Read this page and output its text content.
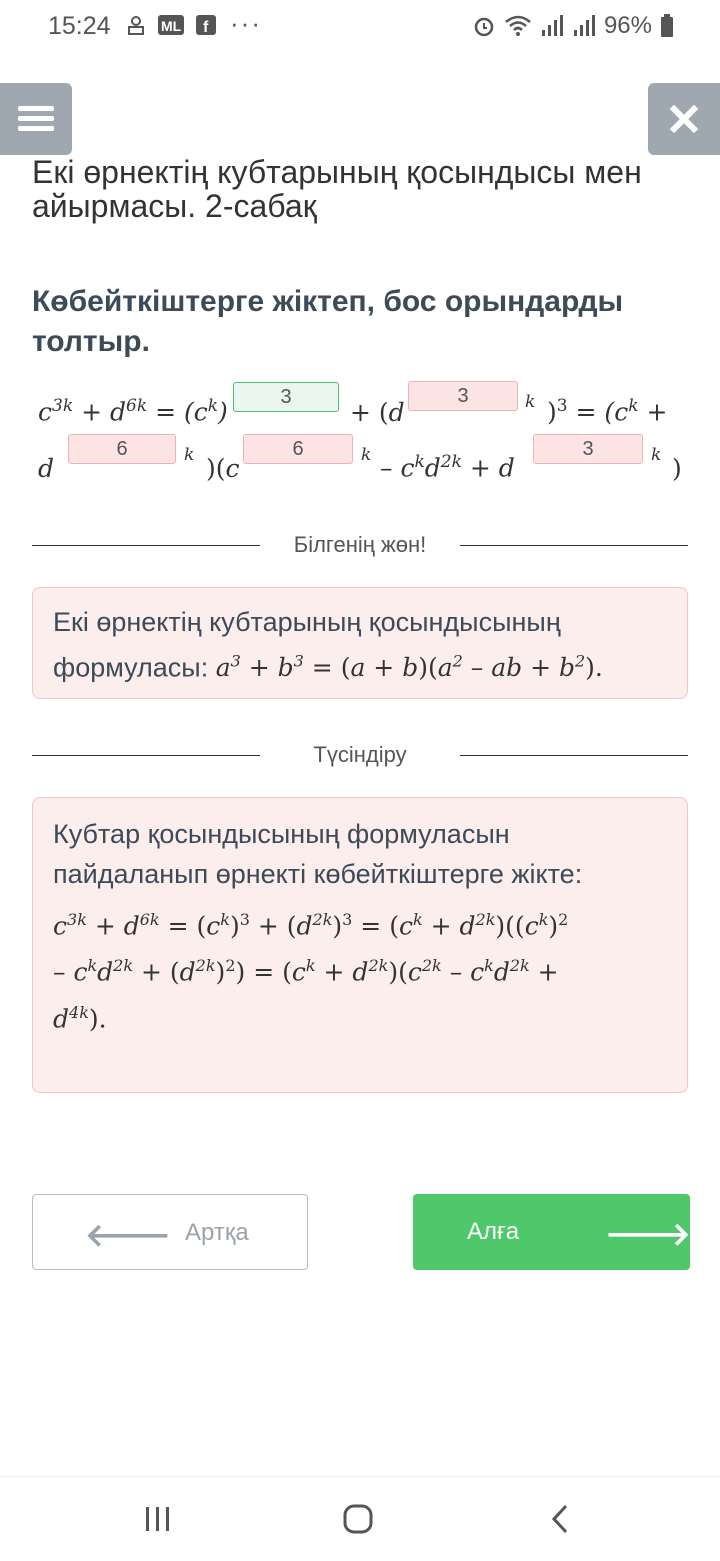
15:24	ML f ···	96%
Екі өрнектің кубтарының қосындысы мен айырмасы. 2-сабақ
Көбейткіштерге жіктеп, бос орындарды толтыр.
$c^{3k} + d^{6k} = (c^k)$
3
+ (d
3	k )$^3 = (c^k$ +
d
6	k )(c
6	$k - c^kd^{2k} + d$
3	k )
Білгенің жөн!
Екі өрнектің кубтарының қосындысының формуласы: $a^3 + b^3 = (a + b)(a^2$ – ab + $b^2$).
Түсіндіру
Кубтар қосындысының формуласын пайдаланып өрнекті көбейткіштерге жікте:
$c^{3k} + d^{6k} = (c^k)^3 + (d^{2k})^3 = (c^k + d^{2k})((c^k)^2$
– $c^kd^{2k} + (d^{2k})^2) = (c^k + d^{2k})(c^{2k} - c^kd^{2k}$ +
$d^{4k}$).
🡐 Артқа	Алға	🡒
